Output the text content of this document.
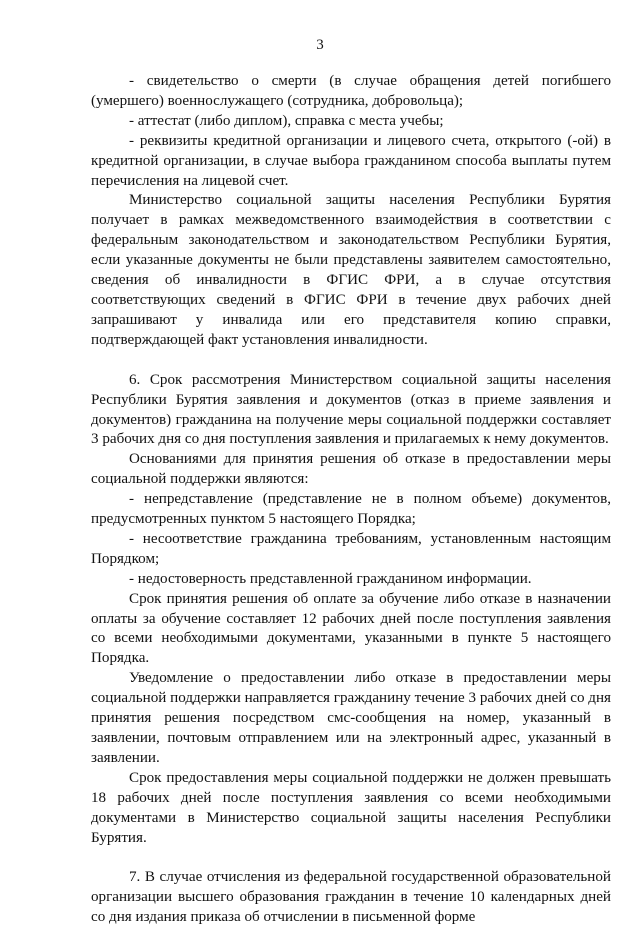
3

- свидетельство о смерти (в случае обращения детей погибшего (умершего) военнослужащего (сотрудника, добровольца);

- аттестат (либо диплом), справка с места учебы;

- реквизиты кредитной организации и лицевого счета, открытого (-ой) в кредитной организации, в случае выбора гражданином способа выплаты путем перечисления на лицевой счет.

Министерство социальной защиты населения Республики Бурятия получает в рамках межведомственного взаимодействия в соответствии с федеральным законодательством и законодательством Республики Бурятия, если указанные документы не были представлены заявителем самостоятельно, сведения об инвалидности в ФГИС ФРИ, а в случае отсутствия соответствующих сведений в ФГИС ФРИ в течение двух рабочих дней запрашивают у инвалида или его представителя копию справки, подтверждающей факт установления инвалидности.

6. Срок рассмотрения Министерством социальной защиты населения Республики Бурятия заявления и документов (отказ в приеме заявления и документов) гражданина на получение меры социальной поддержки составляет 3 рабочих дня со дня поступления заявления и прилагаемых к нему документов.

Основаниями для принятия решения об отказе в предоставлении меры социальной поддержки являются:

- непредставление (представление не в полном объеме) документов, предусмотренных пунктом 5 настоящего Порядка;

- несоответствие гражданина требованиям, установленным настоящим Порядком;

- недостоверность представленной гражданином информации.

Срок принятия решения об оплате за обучение либо отказе в назначении оплаты за обучение составляет 12 рабочих дней после поступления заявления со всеми необходимыми документами, указанными в пункте 5 настоящего Порядка.

Уведомление о предоставлении либо отказе в предоставлении меры социальной поддержки направляется гражданину течение 3 рабочих дней со дня принятия решения посредством смс-сообщения на номер, указанный в заявлении, почтовым отправлением или на электронный адрес, указанный в заявлении.

Срок предоставления меры социальной поддержки не должен превышать 18 рабочих дней после поступления заявления со всеми необходимыми документами в Министерство социальной защиты населения Республики Бурятия.

7. В случае отчисления из федеральной государственной образовательной организации высшего образования гражданин в течение 10 календарных дней со дня издания приказа об отчислении в письменной форме
